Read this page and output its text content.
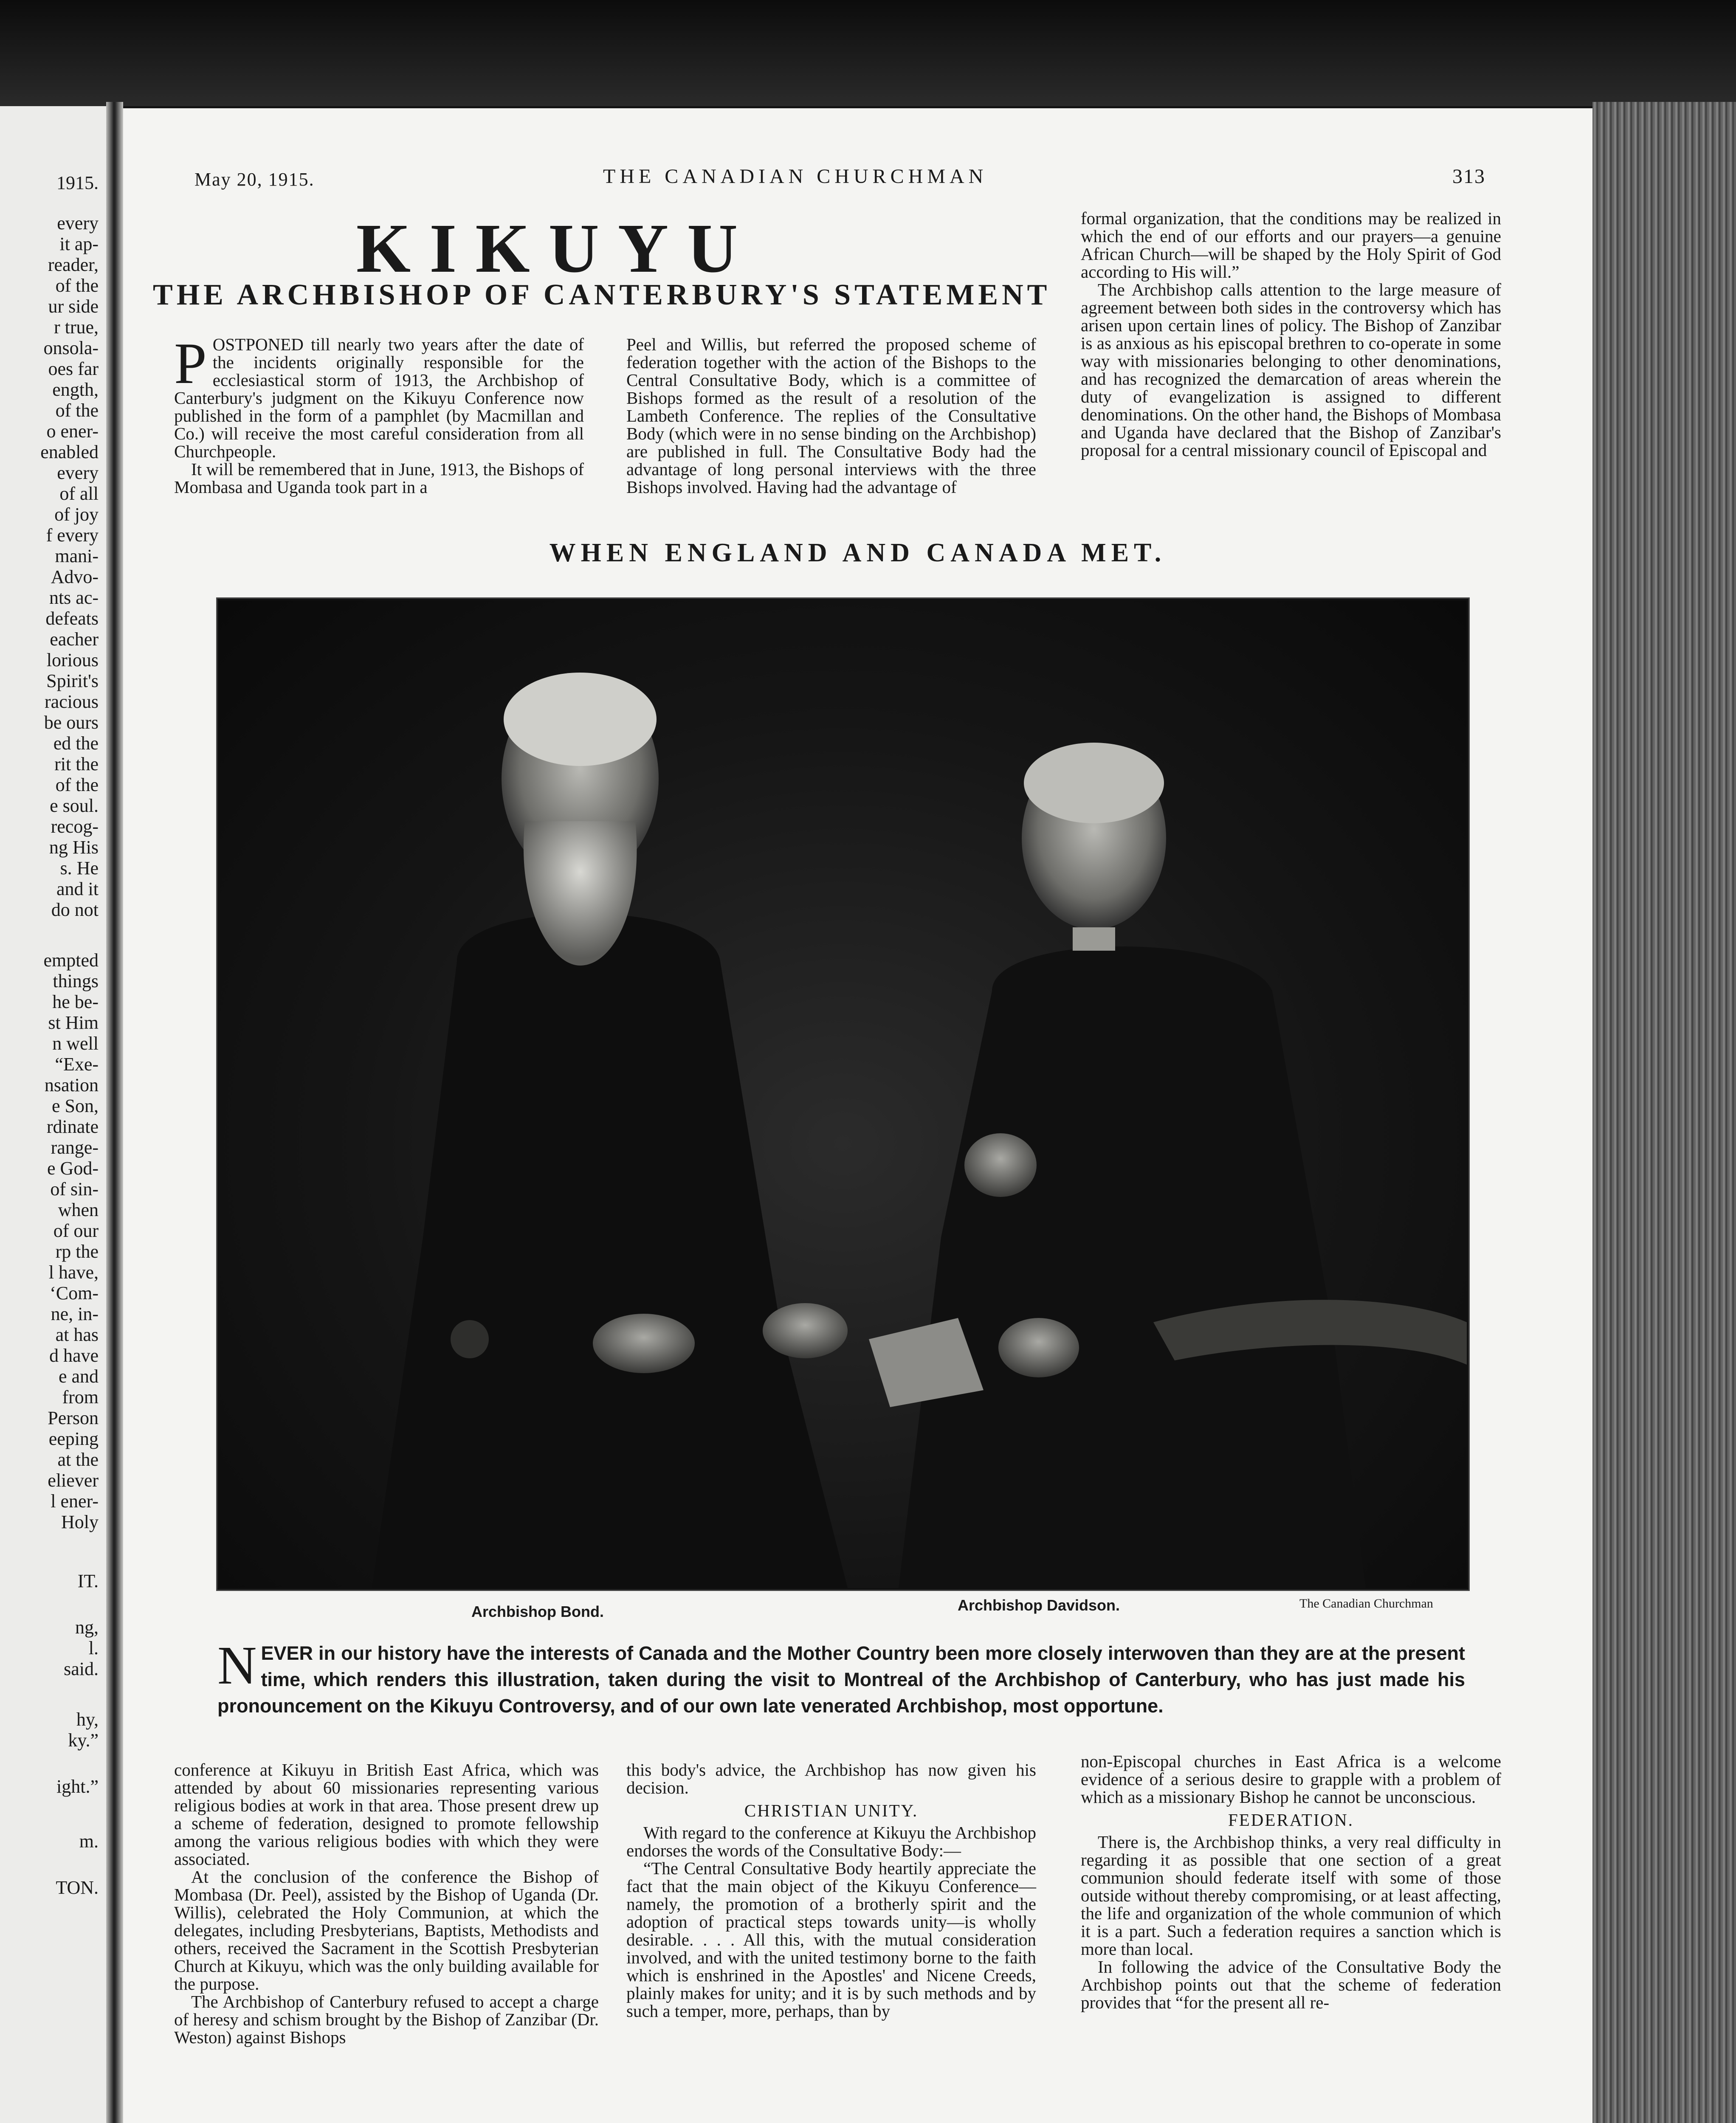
1915.
every
it ap-
reader,
of the
ur side
r true,
onsola-
oes far
ength,
of the
o ener-
enabled
every
of all
of joy
f every
mani-
Advo-
nts ac-
defeats
eacher
lorious
Spirit's
racious
be ours
ed the
rit the
of the
e soul.
recog-
ng His
s. He
and it
do not
empted
things
he be-
st Him
n well
“Exe-
nsation
e Son,
rdinate
range-
e God-
of sin-
when
of our
rp the
l have,
‘Com-
ne, in-
at has
d have
e and
from
Person
eeping
at the
eliever
l ener-
Holy
IT.
ng,
l.
said.
hy,
ky.”
ight.”
m.
TON.
May 20, 1915.	THE CANADIAN CHURCHMAN	313
KIKUYU
THE ARCHBISHOP OF CANTERBURY'S STATEMENT
P OSTPONED till nearly two years after the date of the incidents originally responsible for the ecclesiastical storm of 1913, the Archbishop of Canterbury's judgment on the Kikuyu Conference now published in the form of a pamphlet (by Macmillan and Co.) will receive the most careful consideration from all Churchpeople.

It will be remembered that in June, 1913, the Bishops of Mombasa and Uganda took part in a

Peel and Willis, but referred the proposed scheme of federation together with the action of the Bishops to the Central Consultative Body, which is a committee of Bishops formed as the result of a resolution of the Lambeth Conference. The replies of the Consultative Body (which were in no sense binding on the Archbishop) are published in full. The Consultative Body had the advantage of long personal interviews with the three Bishops involved. Having had the advantage of

formal organization, that the conditions may be realized in which the end of our efforts and our prayers—a genuine African Church—will be shaped by the Holy Spirit of God according to His will.”

The Archbishop calls attention to the large measure of agreement between both sides in the controversy which has arisen upon certain lines of policy. The Bishop of Zanzibar is as anxious as his episcopal brethren to co-operate in some way with missionaries belonging to other denominations, and has recognized the demarcation of areas wherein the duty of evangelization is assigned to different denominations. On the other hand, the Bishops of Mombasa and Uganda have declared that the Bishop of Zanzibar's proposal for a central missionary council of Episcopal and

WHEN ENGLAND AND CANADA MET.
Archbishop Bond.	Archbishop Davidson.	The Canadian Churchman
N EVER in our history have the interests of Canada and the Mother Country been more closely interwoven than they are at the present time, which renders this illustration, taken during the visit to Montreal of the Archbishop of Canterbury, who has just made his pronouncement on the Kikuyu Controversy, and of our own late venerated Archbishop, most opportune.

conference at Kikuyu in British East Africa, which was attended by about 60 missionaries representing various religious bodies at work in that area. Those present drew up a scheme of federation, designed to promote fellowship among the various religious bodies with which they were associated.

At the conclusion of the conference the Bishop of Mombasa (Dr. Peel), assisted by the Bishop of Uganda (Dr. Willis), celebrated the Holy Communion, at which the delegates, including Presbyterians, Baptists, Methodists and others, received the Sacrament in the Scottish Presbyterian Church at Kikuyu, which was the only building available for the purpose.

The Archbishop of Canterbury refused to accept a charge of heresy and schism brought by the Bishop of Zanzibar (Dr. Weston) against Bishops

this body's advice, the Archbishop has now given his decision.

CHRISTIAN UNITY.

With regard to the conference at Kikuyu the Archbishop endorses the words of the Consultative Body:—

“The Central Consultative Body heartily appreciate the fact that the main object of the Kikuyu Conference—namely, the promotion of a brotherly spirit and the adoption of practical steps towards unity—is wholly desirable. . . . All this, with the mutual consideration involved, and with the united testimony borne to the faith which is enshrined in the Apostles' and Nicene Creeds, plainly makes for unity; and it is by such methods and by such a temper, more, perhaps, than by

non-Episcopal churches in East Africa is a welcome evidence of a serious desire to grapple with a problem of which as a missionary Bishop he cannot be unconscious.

FEDERATION.

There is, the Archbishop thinks, a very real difficulty in regarding it as possible that one section of a great communion should federate itself with some of those outside without thereby compromising, or at least affecting, the life and organization of the whole communion of which it is a part. Such a federation requires a sanction which is more than local.

In following the advice of the Consultative Body the Archbishop points out that the scheme of federation provides that “for the present all re-
